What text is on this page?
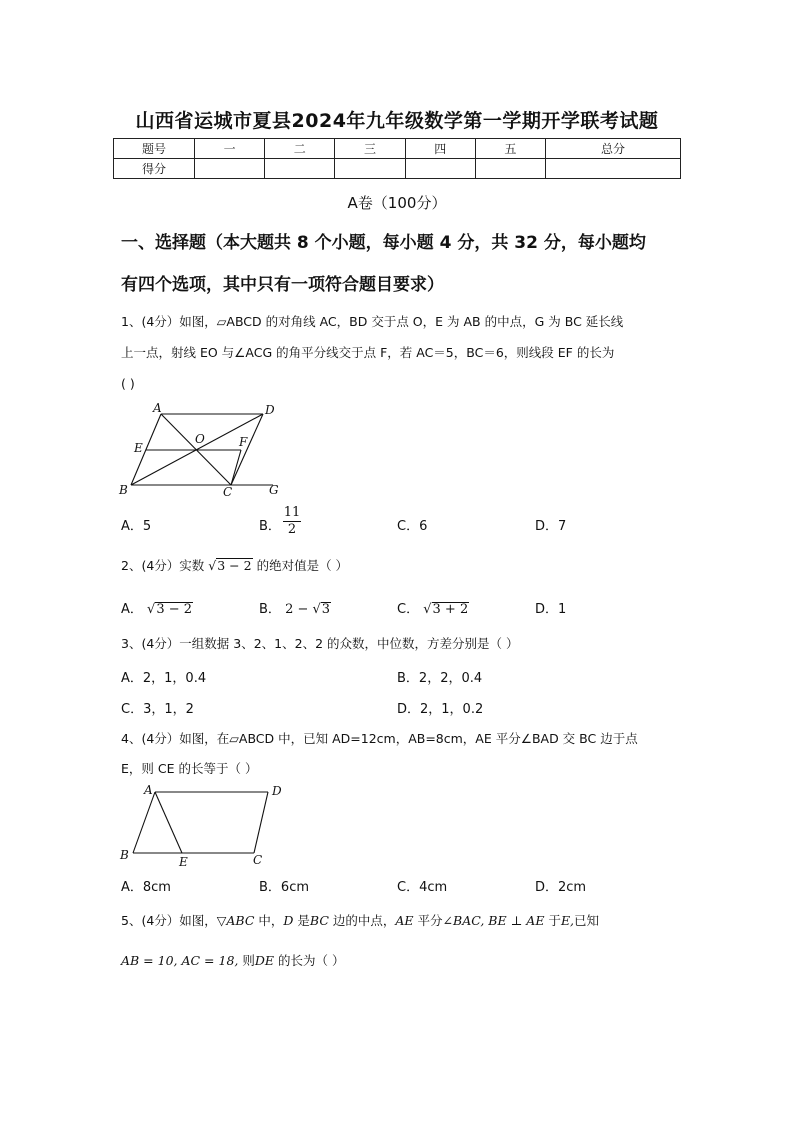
山西省运城市夏县2024年九年级数学第一学期开学联考试题
题号	一	二	三	四	五	总分
得分						
A卷（100分）
一、选择题（本大题共 8 个小题，每小题 4 分，共 32 分，每小题均
有四个选项，其中只有一项符合题目要求）
1、(4分）如图，▱ABCD 的对角线 AC，BD 交于点 O，E 为 AB 的中点，G 为 BC 延长线
上一点，射线 EO 与∠ACG 的角平分线交于点 F，若 AC＝5，BC＝6，则线段 EF 的长为
( )
A	D
E
O	F
B	C	G
A．5	B． $\frac{11}{2}$	C．6	D．7
2、(4分）实数 √3 − 2 的绝对值是（ ）
A． √3 − 2	B． 2 − √3	C． √3 + 2	D．1
3、(4分）一组数据 3、2、1、2、2 的众数，中位数，方差分别是（ ）
A．2，1，0.4	B．2，2，0.4
C．3，1，2	D．2，1，0.2
4、(4分）如图，在▱ABCD 中，已知 AD=12cm，AB=8cm，AE 平分∠BAD 交 BC 边于点
E，则 CE 的长等于（ ）
A	D
B	E	C
A．8cm	B．6cm	C．4cm	D．2cm
5、(4分）如图，▽ABC 中，D 是BC 边的中点，AE 平分∠BAC, BE ⊥ AE 于E,已知
AB = 10, AC = 18, 则DE 的长为（ ）
